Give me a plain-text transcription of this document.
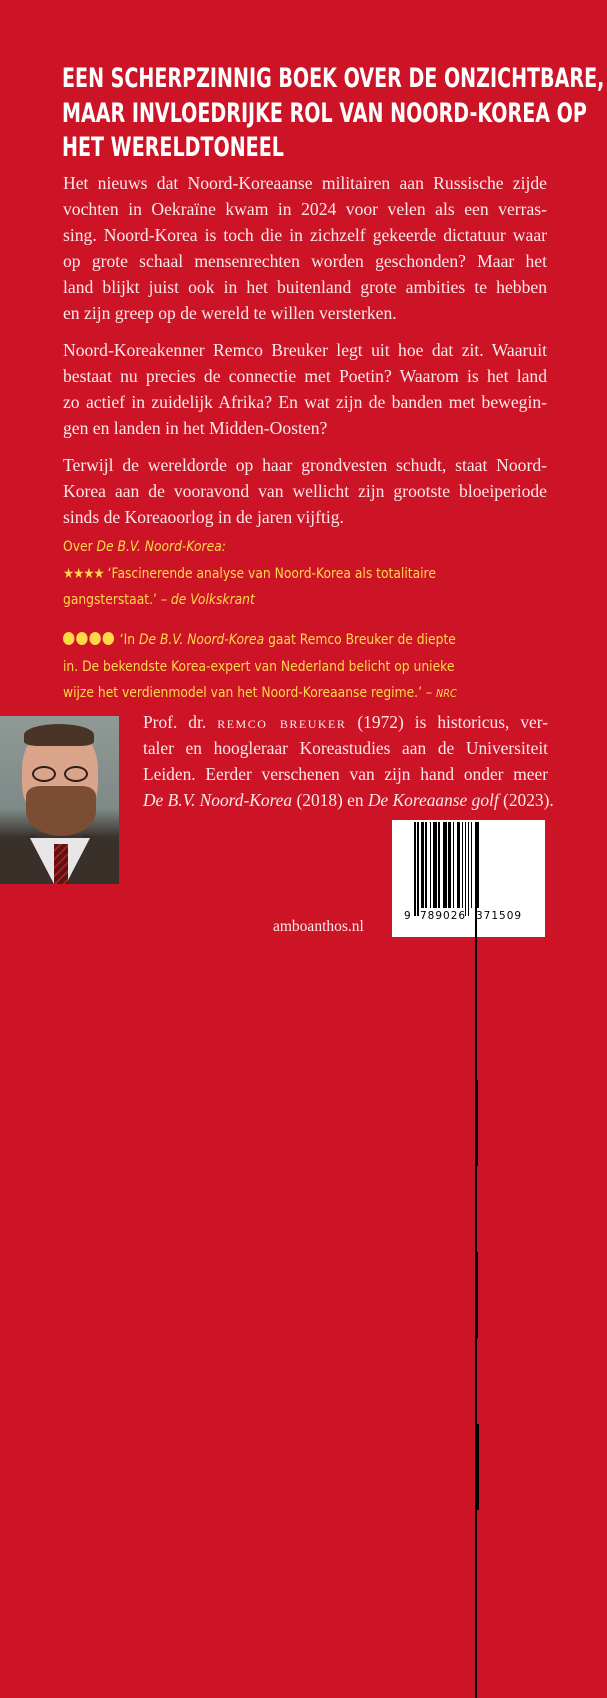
EEN SCHERPZINNIG BOEK OVER DE ONZICHTBARE,
MAAR INVLOEDRIJKE ROL VAN NOORD-KOREA OP
HET WERELDTONEEL
Het nieuws dat Noord-Koreaanse militairen aan Russische zijde
vochten in Oekraïne kwam in 2024 voor velen als een verras-
sing. Noord-Korea is toch die in zichzelf gekeerde dictatuur waar
op grote schaal mensenrechten worden geschonden? Maar het
land blijkt juist ook in het buitenland grote ambities te hebben
en zijn greep op de wereld te willen versterken.
Noord-Koreakenner Remco Breuker legt uit hoe dat zit. Waaruit
bestaat nu precies de connectie met Poetin? Waarom is het land
zo actief in zuidelijk Afrika? En wat zijn de banden met bewegin-
gen en landen in het Midden-Oosten?
Terwijl de wereldorde op haar grondvesten schudt, staat Noord-
Korea aan de vooravond van wellicht zijn grootste bloeiperiode
sinds de Koreaoorlog in de jaren vijftig.
Over De B.V. Noord-Korea:
★★★★ ‘Fascinerende analyse van Noord-Korea als totalitaire
gangsterstaat.’ – de Volkskrant
‘In De B.V. Noord-Korea gaat Remco Breuker de diepte
in. De bekendste Korea-expert van Nederland belicht op unieke
wijze het verdienmodel van het Noord-Koreaanse regime.’ – NRC
Prof. dr. remco breuker (1972) is historicus, ver-
taler en hoogleraar Koreastudies aan de Universiteit
Leiden. Eerder verschenen van zijn hand onder meer
De B.V. Noord-Korea (2018) en De Koreaanse golf (2023).
amboanthos.nl
9 789026 371509
